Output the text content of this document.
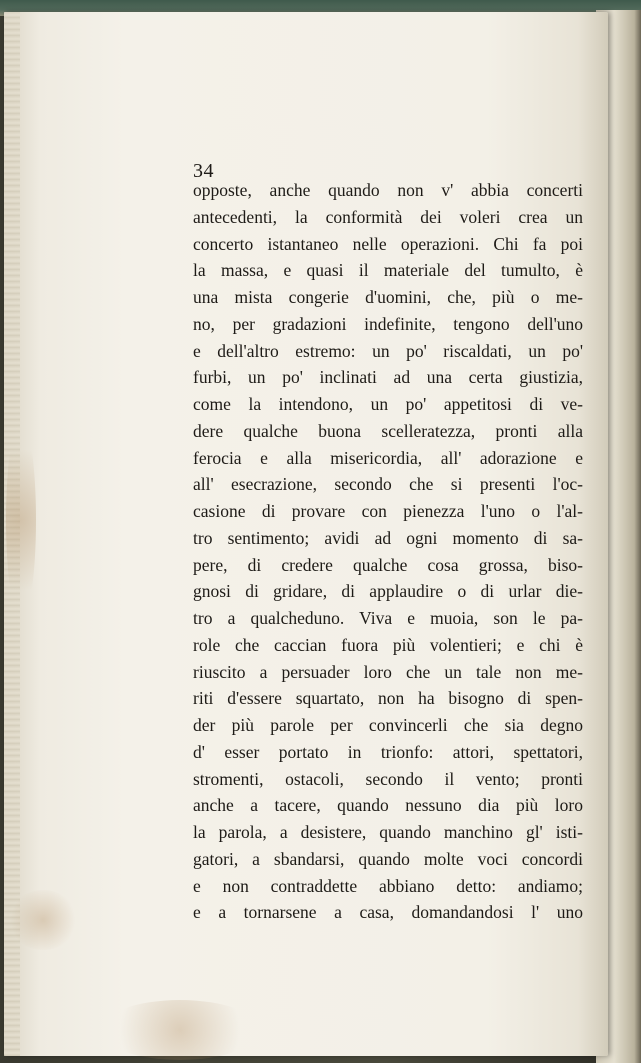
34
opposte, anche quando non v' abbia concerti
antecedenti, la conformità dei voleri crea un
concerto istantaneo nelle operazioni. Chi fa poi
la massa, e quasi il materiale del tumulto, è
una mista congerie d'uomini, che, più o me-
no, per gradazioni indefinite, tengono dell'uno
e dell'altro estremo: un po' riscaldati, un po'
furbi, un po' inclinati ad una certa giustizia,
come la intendono, un po' appetitosi di ve-
dere qualche buona scelleratezza, pronti alla
ferocia e alla misericordia, all' adorazione e
all' esecrazione, secondo che si presenti l'oc-
casione di provare con pienezza l'uno o l'al-
tro sentimento; avidi ad ogni momento di sa-
pere, di credere qualche cosa grossa, biso-
gnosi di gridare, di applaudire o di urlar die-
tro a qualcheduno. Viva e muoia, son le pa-
role che caccian fuora più volentieri; e chi è
riuscito a persuader loro che un tale non me-
riti d'essere squartato, non ha bisogno di spen-
der più parole per convincerli che sia degno
d' esser portato in trionfo: attori, spettatori,
stromenti, ostacoli, secondo il vento; pronti
anche a tacere, quando nessuno dia più loro
la parola, a desistere, quando manchino gl' isti-
gatori, a sbandarsi, quando molte voci concordi
e non contraddette abbiano detto: andiamo;
e a tornarsene a casa, domandandosi l' uno
